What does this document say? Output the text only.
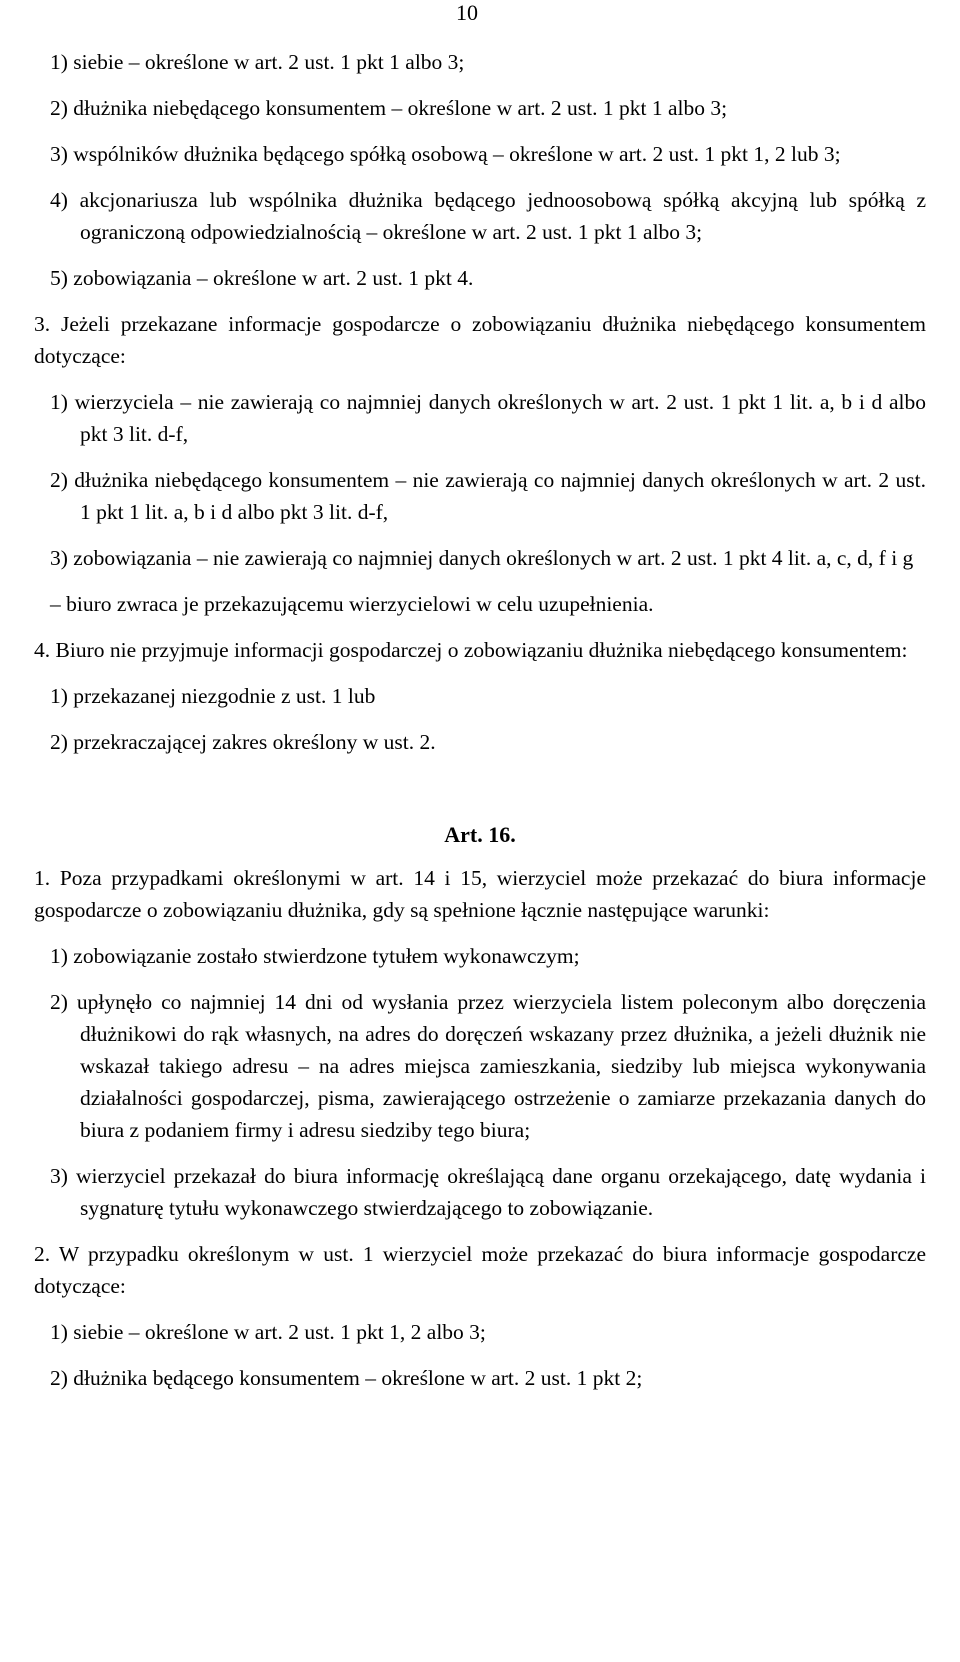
10
1) siebie – określone w art. 2 ust. 1 pkt 1 albo 3;
2) dłużnika niebędącego konsumentem – określone w art. 2 ust. 1 pkt 1 albo 3;
3) wspólników dłużnika będącego spółką osobową – określone w art. 2 ust. 1 pkt 1, 2 lub 3;
4) akcjonariusza lub wspólnika dłużnika będącego jednoosobową spółką akcyjną lub spółką z ograniczoną odpowiedzialnością – określone w art. 2 ust. 1 pkt 1 albo 3;
5) zobowiązania – określone w art. 2 ust. 1 pkt 4.
3. Jeżeli przekazane informacje gospodarcze o zobowiązaniu dłużnika niebędącego konsumentem dotyczące:
1) wierzyciela – nie zawierają co najmniej danych określonych w art. 2 ust. 1 pkt 1 lit. a, b i d albo pkt 3 lit. d-f,
2) dłużnika niebędącego konsumentem – nie zawierają co najmniej danych określonych w art. 2 ust. 1 pkt 1 lit. a, b i d albo pkt 3 lit. d-f,
3) zobowiązania – nie zawierają co najmniej danych określonych w art. 2 ust. 1 pkt 4 lit. a, c, d, f i g
– biuro zwraca je przekazującemu wierzycielowi w celu uzupełnienia.
4. Biuro nie przyjmuje informacji gospodarczej o zobowiązaniu dłużnika niebędącego konsumentem:
1) przekazanej niezgodnie z ust. 1 lub
2) przekraczającej zakres określony w ust. 2.
Art. 16.
1. Poza przypadkami określonymi w art. 14 i 15, wierzyciel może przekazać do biura informacje gospodarcze o zobowiązaniu dłużnika, gdy są spełnione łącznie następujące warunki:
1) zobowiązanie zostało stwierdzone tytułem wykonawczym;
2) upłynęło co najmniej 14 dni od wysłania przez wierzyciela listem poleconym albo doręczenia dłużnikowi do rąk własnych, na adres do doręczeń wskazany przez dłużnika, a jeżeli dłużnik nie wskazał takiego adresu – na adres miejsca zamieszkania, siedziby lub miejsca wykonywania działalności gospodarczej, pisma, zawierającego ostrzeżenie o zamiarze przekazania danych do biura z podaniem firmy i adresu siedziby tego biura;
3) wierzyciel przekazał do biura informację określającą dane organu orzekającego, datę wydania i sygnaturę tytułu wykonawczego stwierdzającego to zobowiązanie.
2. W przypadku określonym w ust. 1 wierzyciel może przekazać do biura informacje gospodarcze dotyczące:
1) siebie – określone w art. 2 ust. 1 pkt 1, 2 albo 3;
2) dłużnika będącego konsumentem – określone w art. 2 ust. 1 pkt 2;
